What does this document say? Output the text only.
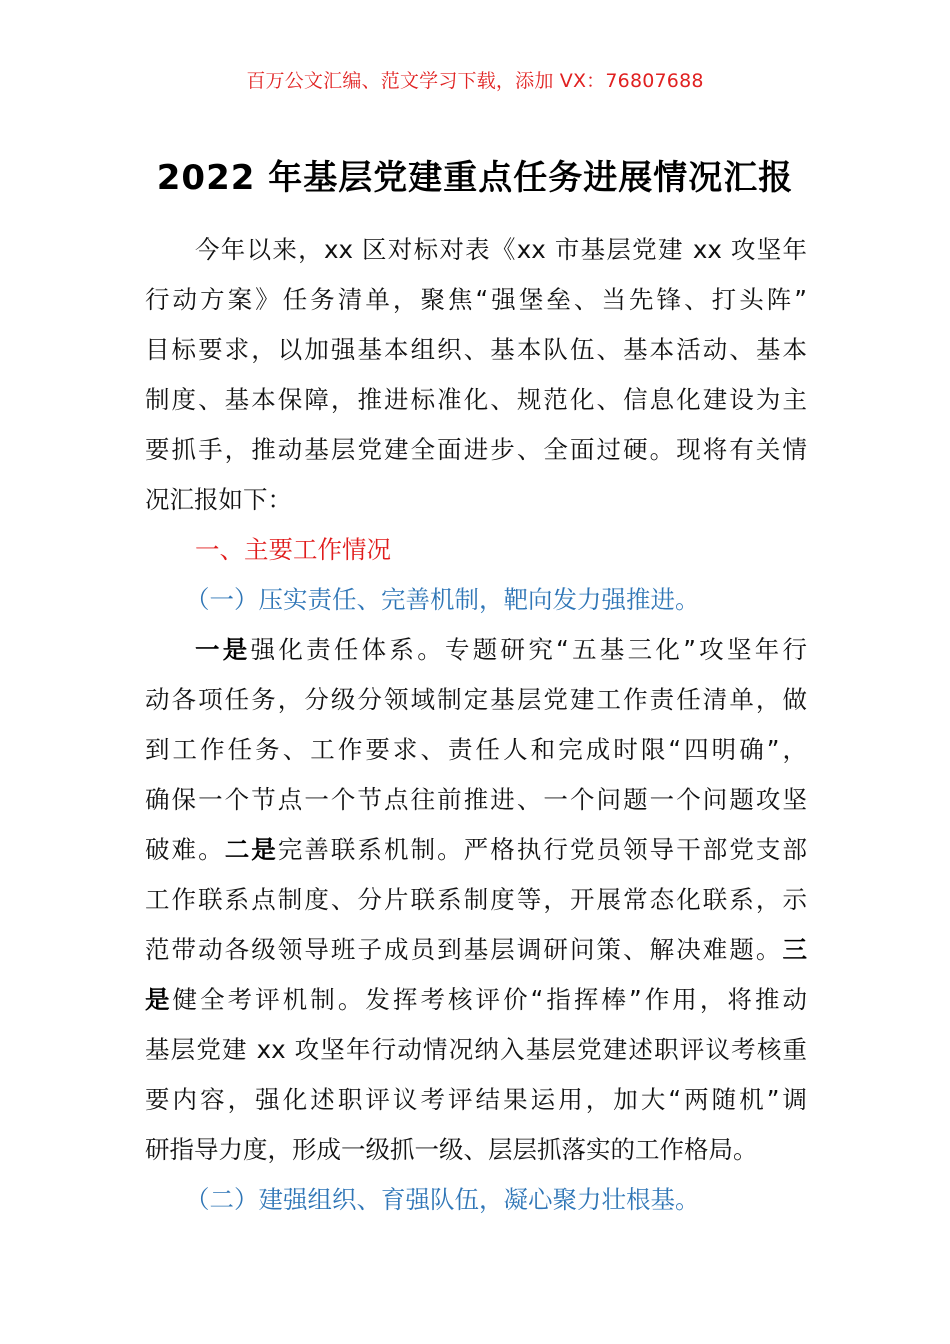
百万公文汇编、范文学习下载，添加 VX：76807688
2022 年基层党建重点任务进展情况汇报
今年以来，xx 区对标对表《xx 市基层党建 xx 攻坚年
行动方案》任务清单，聚焦“强堡垒、当先锋、打头阵”
目标要求，以加强基本组织、基本队伍、基本活动、基本
制度、基本保障，推进标准化、规范化、信息化建设为主
要抓手，推动基层党建全面进步、全面过硬。现将有关情
况汇报如下：
一、主要工作情况
（一）压实责任、完善机制，靶向发力强推进。
一是强化责任体系。专题研究“五基三化”攻坚年行
动各项任务，分级分领域制定基层党建工作责任清单，做
到工作任务、工作要求、责任人和完成时限“四明确”，
确保一个节点一个节点往前推进、一个问题一个问题攻坚
破难。二是完善联系机制。严格执行党员领导干部党支部
工作联系点制度、分片联系制度等，开展常态化联系，示
范带动各级领导班子成员到基层调研问策、解决难题。三
是健全考评机制。发挥考核评价“指挥棒”作用，将推动
基层党建 xx 攻坚年行动情况纳入基层党建述职评议考核重
要内容，强化述职评议考评结果运用，加大“两随机”调
研指导力度，形成一级抓一级、层层抓落实的工作格局。
（二）建强组织、育强队伍，凝心聚力壮根基。
